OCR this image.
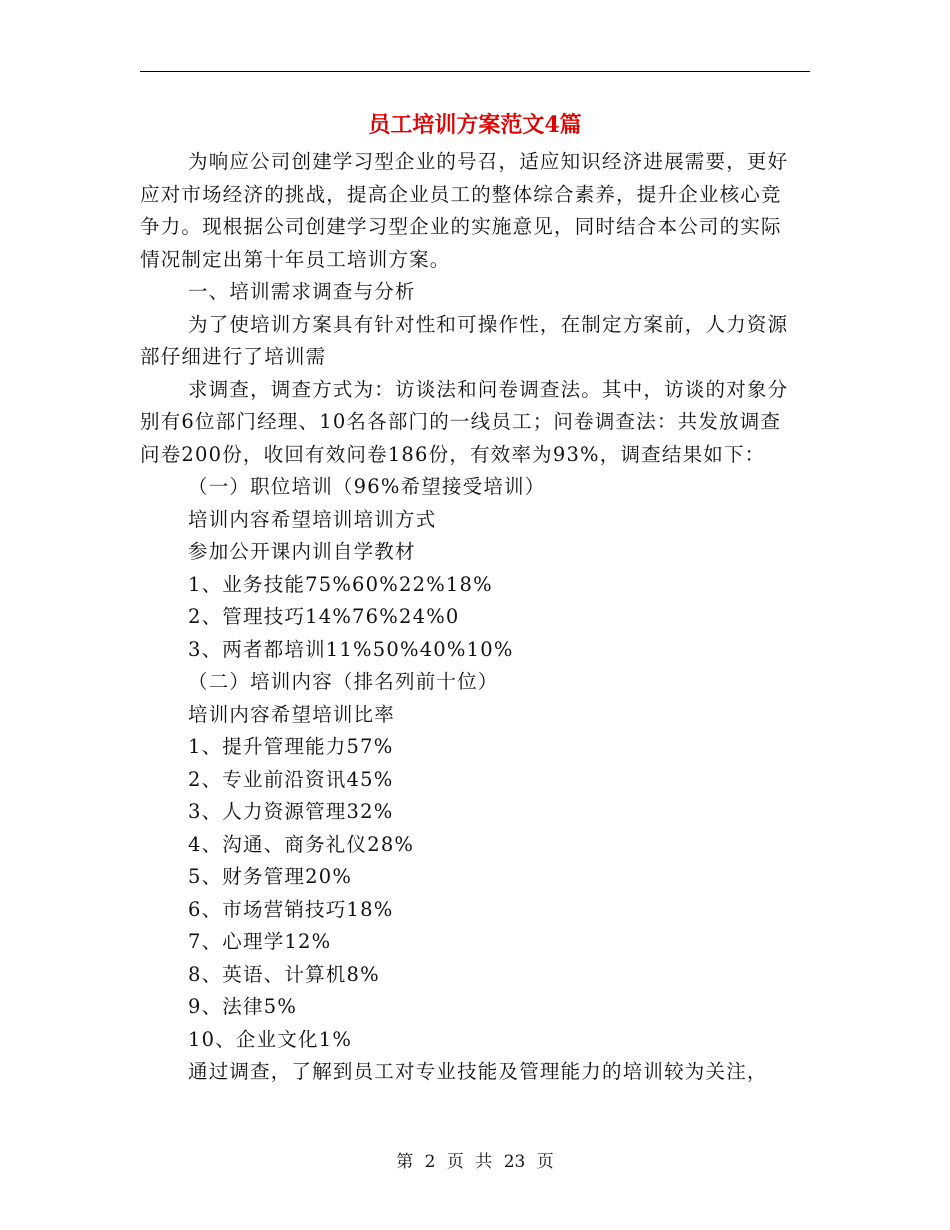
员工培训方案范文4篇

为响应公司创建学习型企业的号召，适应知识经济进展需要，更好应对市场经济的挑战，提高企业员工的整体综合素养，提升企业核心竞争力。现根据公司创建学习型企业的实施意见，同时结合本公司的实际情况制定出第十年员工培训方案。

一、培训需求调查与分析

为了使培训方案具有针对性和可操作性，在制定方案前，人力资源部仔细进行了培训需

求调查，调查方式为：访谈法和问卷调查法。其中，访谈的对象分别有6位部门经理、10名各部门的一线员工；问卷调查法：共发放调查问卷200份，收回有效问卷186份，有效率为93%，调查结果如下：

（一）职位培训（96%希望接受培训）

培训内容希望培训培训方式

参加公开课内训自学教材

1、业务技能75%60%22%18%

2、管理技巧14%76%24%0

3、两者都培训11%50%40%10%

（二）培训内容（排名列前十位）

培训内容希望培训比率

1、提升管理能力57%

2、专业前沿资讯45%

3、人力资源管理32%

4、沟通、商务礼仪28%

5、财务管理20%

6、市场营销技巧18%

7、心理学12%

8、英语、计算机8%

9、法律5%

10、企业文化1%

通过调查，了解到员工对专业技能及管理能力的培训较为关注，

第 2 页 共 23 页
